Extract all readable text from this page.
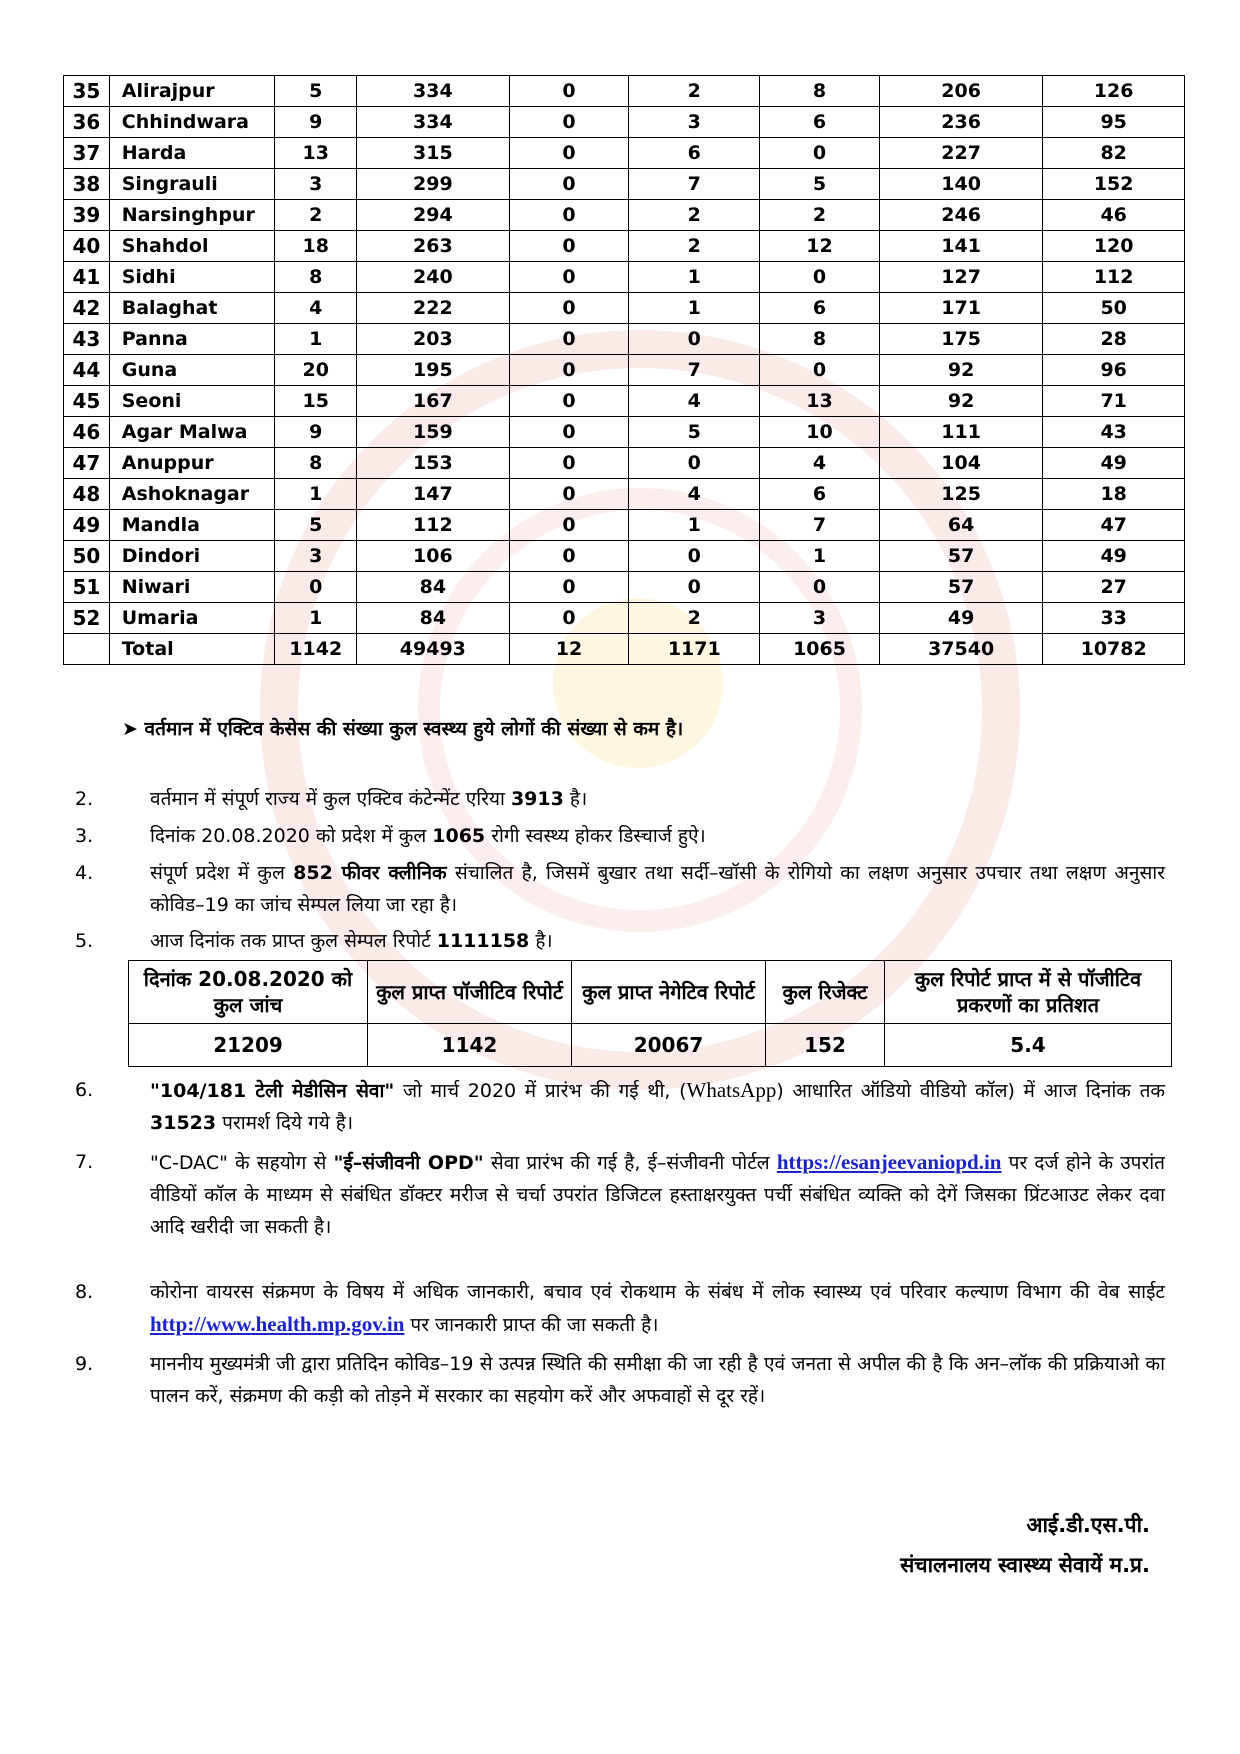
35	Alirajpur	5	334	0	2	8	206	126
36	Chhindwara	9	334	0	3	6	236	95
37	Harda	13	315	0	6	0	227	82
38	Singrauli	3	299	0	7	5	140	152
39	Narsinghpur	2	294	0	2	2	246	46
40	Shahdol	18	263	0	2	12	141	120
41	Sidhi	8	240	0	1	0	127	112
42	Balaghat	4	222	0	1	6	171	50
43	Panna	1	203	0	0	8	175	28
44	Guna	20	195	0	7	0	92	96
45	Seoni	15	167	0	4	13	92	71
46	Agar Malwa	9	159	0	5	10	111	43
47	Anuppur	8	153	0	0	4	104	49
48	Ashoknagar	1	147	0	4	6	125	18
49	Mandla	5	112	0	1	7	64	47
50	Dindori	3	106	0	0	1	57	49
51	Niwari	0	84	0	0	0	57	27
52	Umaria	1	84	0	2	3	49	33
	Total	1142	49493	12	1171	1065	37540	10782
➤ वर्तमान में एक्टिव केसेस की संख्या कुल स्वस्थ्य हुये लोगों की संख्या से कम है।
2.	वर्तमान में संपूर्ण राज्य में कुल एक्टिव कंटेन्मेंट एरिया 3913 है।
3.	दिनांक 20.08.2020 को प्रदेश में कुल 1065 रोगी स्वस्थ्य होकर डिस्चार्ज हुऐ।
4.	संपूर्ण प्रदेश में कुल 852 फीवर क्लीनिक संचालित है, जिसमें बुखार तथा सर्दी–खॉसी के रोगियो का लक्षण अनुसार उपचार तथा लक्षण अनुसार कोविड–19 का जांच सेम्पल लिया जा रहा है।
5.	आज दिनांक तक प्राप्त कुल सेम्पल रिपोर्ट 1111158 है।
दिनांक 20.08.2020 को कुल जांच	कुल प्राप्त पॉजीटिव रिपोर्ट	कुल प्राप्त नेगेटिव रिपोर्ट	कुल रिजेक्ट	कुल रिपोर्ट प्राप्त में से पॉजीटिव प्रकरणों का प्रतिशत
21209	1142	20067	152	5.4
6.	"104/181 टेली मेडीसिन सेवा" जो मार्च 2020 में प्रारंभ की गई थी, (WhatsApp) आधारित ऑडियो वीडियो कॉल) में आज दिनांक तक 31523 परामर्श दिये गये है।
7.	"C-DAC" के सहयोग से "ई–संजीवनी OPD" सेवा प्रारंभ की गई है, ई–संजीवनी पोर्टल https://esanjeevaniopd.in पर दर्ज होने के उपरांत वीडियों कॉल के माध्यम से संबंधित डॉक्टर मरीज से चर्चा उपरांत डिजिटल हस्ताक्षरयुक्त पर्ची संबंधित व्यक्ति को देगें जिसका प्रिंटआउट लेकर दवा आदि खरीदी जा सकती है।
8.	कोरोना वायरस संक्रमण के विषय में अधिक जानकारी, बचाव एवं रोकथाम के संबंध में लोक स्वास्थ्य एवं परिवार कल्याण विभाग की वेब साईट http://www.health.mp.gov.in पर जानकारी प्राप्त की जा सकती है।
9.	माननीय मुख्यमंत्री जी द्वारा प्रतिदिन कोविड–19 से उत्पन्न स्थिति की समीक्षा की जा रही है एवं जनता से अपील की है कि अन–लॉक की प्रक्रियाओ का पालन करें, संक्रमण की कड़ी को तोड़ने में सरकार का सहयोग करें और अफवाहों से दूर रहें।
आई.डी.एस.पी.
संचालनालय स्वास्थ्य सेवायें म.प्र.
